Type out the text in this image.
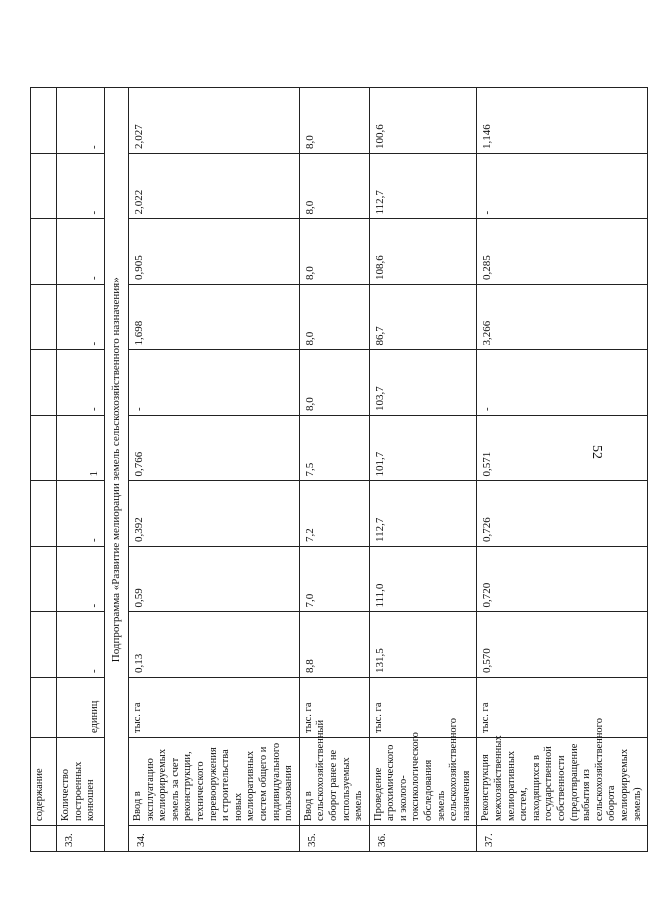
52
	содержание										
33.	Количество построенных конюшен	единиц	-	-	-	1	-	-	-	-	-
Подпрограмма «Развитие мелиорации земель сельскохозяйственного назначения»											
34.	Ввод в эксплуатацию мелиорируемых земель за счет реконструкции, технического перевооружения и строительства новых мелиоративных систем общего и индивидуального пользования	тыс. га	0,13	0,59	0,392	0,766	-	1,698	0,905	2,022	2,027
35.	Ввод в сельскохозяйственный оборот ранее не используемых земель	тыс. га	8,8	7,0	7,2	7,5	8,0	8,0	8,0	8,0	8,0
36.	Проведение агрохимического и эколого-токсикологического обследования земель сельскохозяйственного назначения	тыс. га	131,5	111,0	112,7	101,7	103,7	86,7	108,6	112,7	100,6
37.	Реконструкция межхозяйственных мелиоративных систем, находящихся в государственной собственности (предотвращение выбытия из сельскохозяйственного оборота мелиорируемых земель)	тыс. га	0,570	0,720	0,726	0,571	-	3,266	0,285	-	1,146
